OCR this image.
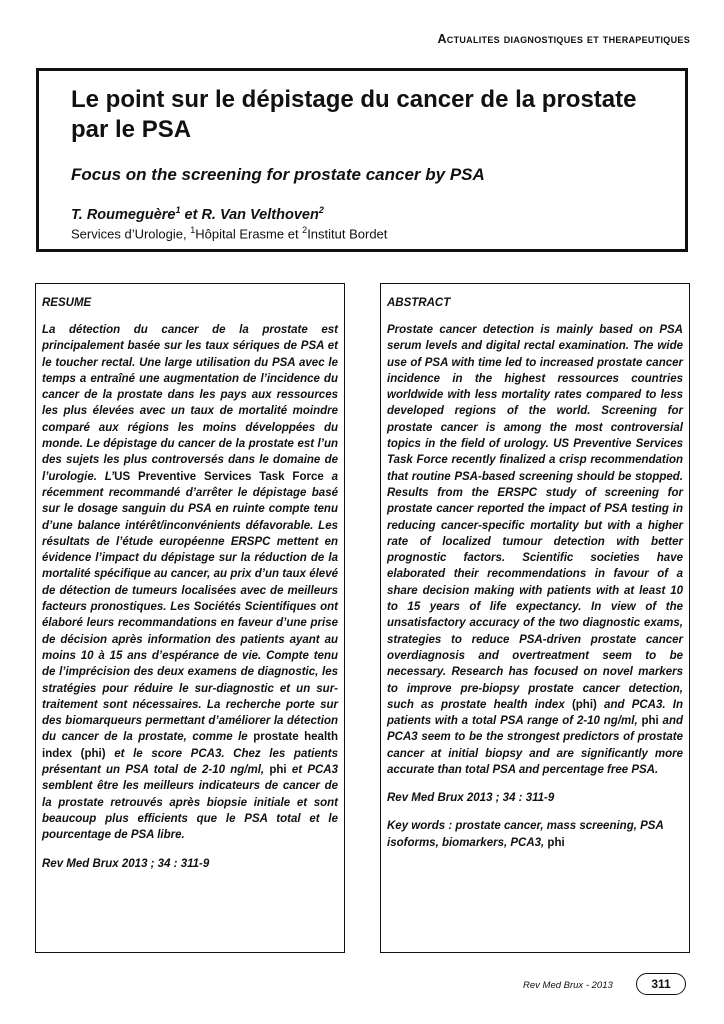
Actualites diagnostiques et therapeutiques
Le point sur le dépistage du cancer de la prostate par le PSA
Focus on the screening for prostate cancer by PSA
T. Roumeguère$^1$ et R. Van Velthoven$^2$
Services d’Urologie, $^1$Hôpital Erasme et $^2$Institut Bordet
RESUME

La détection du cancer de la prostate est principalement basée sur les taux sériques de PSA et le toucher rectal. Une large utilisation du PSA avec le temps a entraîné une augmentation de l’incidence du cancer de la prostate dans les pays aux ressources les plus élevées avec un taux de mortalité moindre comparé aux régions les moins développées du monde. Le dépistage du cancer de la prostate est l’un des sujets les plus controversés dans le domaine de l’urologie. L’US Preventive Services Task Force a récemment recommandé d’arrêter le dépistage basé sur le dosage sanguin du PSA en ruinte compte tenu d’une balance intérêt/inconvénients défavorable. Les résultats de l’étude européenne ERSPC mettent en évidence l’impact du dépistage sur la réduction de la mortalité spécifique au cancer, au prix d’un taux élevé de détection de tumeurs localisées avec de meilleurs facteurs pronostiques. Les Sociétés Scientifiques ont élaboré leurs recommandations en faveur d’une prise de décision après information des patients ayant au moins 10 à 15 ans d’espérance de vie. Compte tenu de l’imprécision des deux examens de diagnostic, les stratégies pour réduire le sur-diagnostic et un sur-traitement sont nécessaires. La recherche porte sur des biomarqueurs permettant d’améliorer la détection du cancer de la prostate, comme le prostate health index (phi) et le score PCA3. Chez les patients présentant un PSA total de 2-10 ng/ml, phi et PCA3 semblent être les meilleurs indicateurs de cancer de la prostate retrouvés après biopsie initiale et sont beaucoup plus efficients que le PSA total et le pourcentage de PSA libre.

Rev Med Brux 2013 ; 34 : 311-9
ABSTRACT

Prostate cancer detection is mainly based on PSA serum levels and digital rectal examination. The wide use of PSA with time led to increased prostate cancer incidence in the highest ressources countries worldwide with less mortality rates compared to less developed regions of the world. Screening for prostate cancer is among the most controversial topics in the field of urology. US Preventive Services Task Force recently finalized a crisp recommendation that routine PSA-based screening should be stopped. Results from the ERSPC study of screening for prostate cancer reported the impact of PSA testing in reducing cancer-specific mortality but with a higher rate of localized tumour detection with better prognostic factors. Scientific societies have elaborated their recommendations in favour of a share decision making with patients with at least 10 to 15 years of life expectancy. In view of the unsatisfactory accuracy of the two diagnostic exams, strategies to reduce PSA-driven prostate cancer overdiagnosis and overtreatment seem to be necessary. Research has focused on novel markers to improve pre-biopsy prostate cancer detection, such as prostate health index (phi) and PCA3. In patients with a total PSA range of 2-10 ng/ml, phi and PCA3 seem to be the strongest predictors of prostate cancer at initial biopsy and are significantly more accurate than total PSA and percentage free PSA.

Rev Med Brux 2013 ; 34 : 311-9
Key words : prostate cancer, mass screening, PSA isoforms, biomarkers, PCA3, phi
Rev Med Brux - 2013	311
